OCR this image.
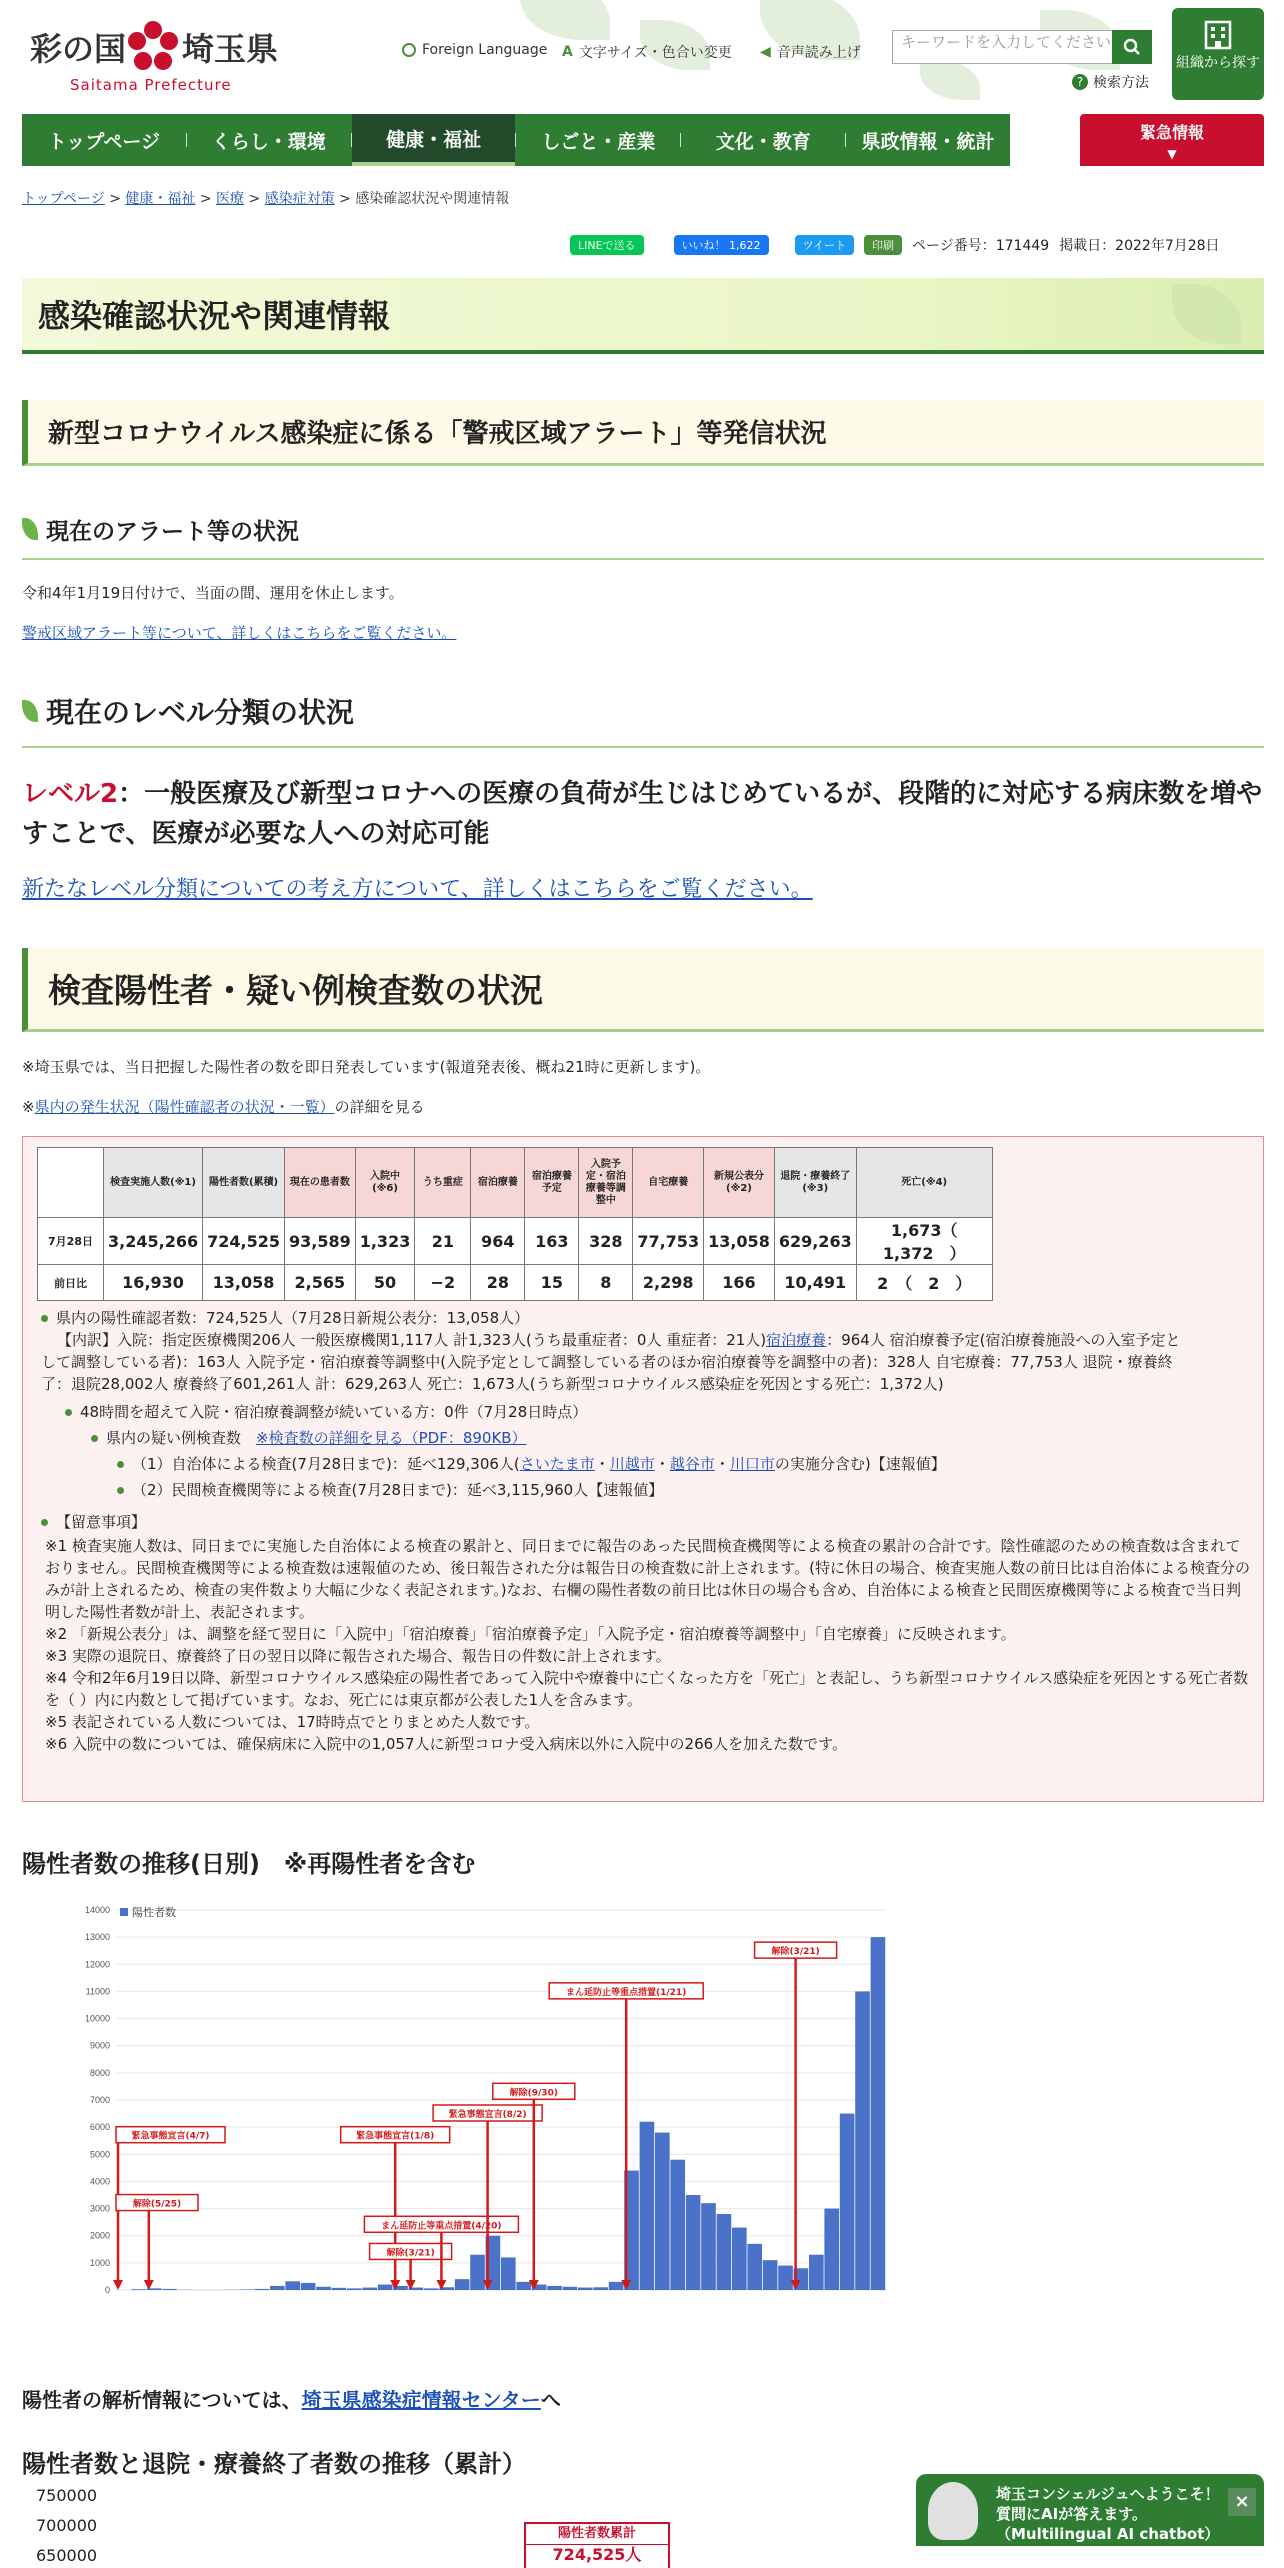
彩の国 埼玉県
Saitama Prefecture
Foreign Language A 文字サイズ・色合い変更 ◀ 音声読み上げ
キーワードを入力してください
? 検索方法
組織から探す
トップページ	くらし・環境	健康・福祉	しごと・産業	文化・教育	県政情報・統計	緊急情報
▼
トップページ > 健康・福祉 > 医療 > 感染症対策 > 感染確認状況や関連情報
LINEで送る	いいね！ 1,622	ツイート	印刷	ページ番号：171449 掲載日：2022年7月28日
感染確認状況や関連情報
新型コロナウイルス感染症に係る「警戒区域アラート」等発信状況
現在のアラート等の状況
令和4年1月19日付けで、当面の間、運用を休止します。
警戒区域アラート等について、詳しくはこちらをご覧ください。
現在のレベル分類の状況
レベル2：一般医療及び新型コロナへの医療の負荷が生じはじめているが、段階的に対応する病床数を増やすことで、医療が必要な人への対応可能
新たなレベル分類についての考え方について、詳しくはこちらをご覧ください。
検査陽性者・疑い例検査数の状況
※埼玉県では、当日把握した陽性者の数を即日発表しています(報道発表後、概ね21時に更新します)。
※県内の発生状況（陽性確認者の状況・一覧）の詳細を見る
	検査実施人数(※1)	陽性者数(累積)	現在の患者数	入院中(※6)	うち重症	宿泊療養	宿泊療養予定	入院予定・宿泊療養等調整中	自宅療養	新規公表分(※2)	退院・療養終了(※3)	死亡(※4)

7月28日	3,245,266	724,525	93,589	1,323	21	964	163	328	77,753	13,058	629,263	1,673（　1,372　）
前日比	16,930	13,058	2,565	50	−2	28	15	8	2,298	166	10,491	2　（　2　）
県内の陽性確認者数：724,525人（7月28日新規公表分：13,058人）
【内訳】入院：指定医療機関206人 一般医療機関1,117人 計1,323人(うち最重症者：0人 重症者：21人)宿泊療養：964人 宿泊療養予定(宿泊療養施設への入室予定と
して調整している者)：163人 入院予定・宿泊療養等調整中(入院予定として調整している者のほか宿泊療養等を調整中の者)：328人 自宅療養：77,753人 退院・療養終
了：退院28,002人 療養終了601,261人 計：629,263人 死亡：1,673人(うち新型コロナウイルス感染症を死因とする死亡：1,372人)
48時間を超えて入院・宿泊療養調整が続いている方：0件（7月28日時点）
県内の疑い例検査数　 ※検査数の詳細を見る（PDF：890KB）
（1）自治体による検査(7月28日まで)：延べ129,306人(さいたま市・川越市・越谷市・川口市の実施分含む)【速報値】
（2）民間検査機関等による検査(7月28日まで)：延べ3,115,960人【速報値】
【留意事項】
※1 検査実施人数は、同日までに実施した自治体による検査の累計と、同日までに報告のあった民間検査機関等による検査の累計の合計です。陰性確認のための検査数は含まれておりません。民間検査機関等による検査数は速報値のため、後日報告された分は報告日の検査数に計上されます。(特に休日の場合、検査実施人数の前日比は自治体による検査分のみが計上されるため、検査の実件数より大幅に少なく表記されます。)なお、右欄の陽性者数の前日比は休日の場合も含め、自治体による検査と民間医療機関等による検査で当日判明した陽性者数が計上、表記されます。
※2 「新規公表分」は、調整を経て翌日に「入院中」「宿泊療養」「宿泊療養予定」「入院予定・宿泊療養等調整中」「自宅療養」に反映されます。
※3 実際の退院日、療養終了日の翌日以降に報告された場合、報告日の件数に計上されます。
※4 令和2年6月19日以降、新型コロナウイルス感染症の陽性者であって入院中や療養中に亡くなった方を「死亡」と表記し、うち新型コロナウイルス感染症を死因とする死亡者数を（ ）内に内数として掲げています。なお、死亡には東京都が公表した1人を含みます。
※5 表記されている人数については、17時時点でとりまとめた人数です。
※6 入院中の数については、確保病床に入院中の1,057人に新型コロナ受入病床以外に入院中の266人を加えた数です。
陽性者数の推移(日別)　※再陽性者を含む
0
1000
2000
3000
4000
5000
6000
7000
8000
9000
10000
11000
12000
13000
14000
緊急事態宣言(4/7)
解除(5/25)
緊急事態宣言(1/8)
解除(3/21)
まん延防止等重点措置(4/20)
緊急事態宣言(8/2)
解除(9/30)
まん延防止等重点措置(1/21)
解除(3/21)
陽性者数
陽性者の解析情報については、埼玉県感染症情報センターへ
陽性者数と退院・療養終了者数の推移（累計）
750000
700000
650000
陽性者数累計
724,525人
埼玉コンシェルジュへようこそ！
質問にAIが答えます。
（Multilingual AI chatbot）
×
